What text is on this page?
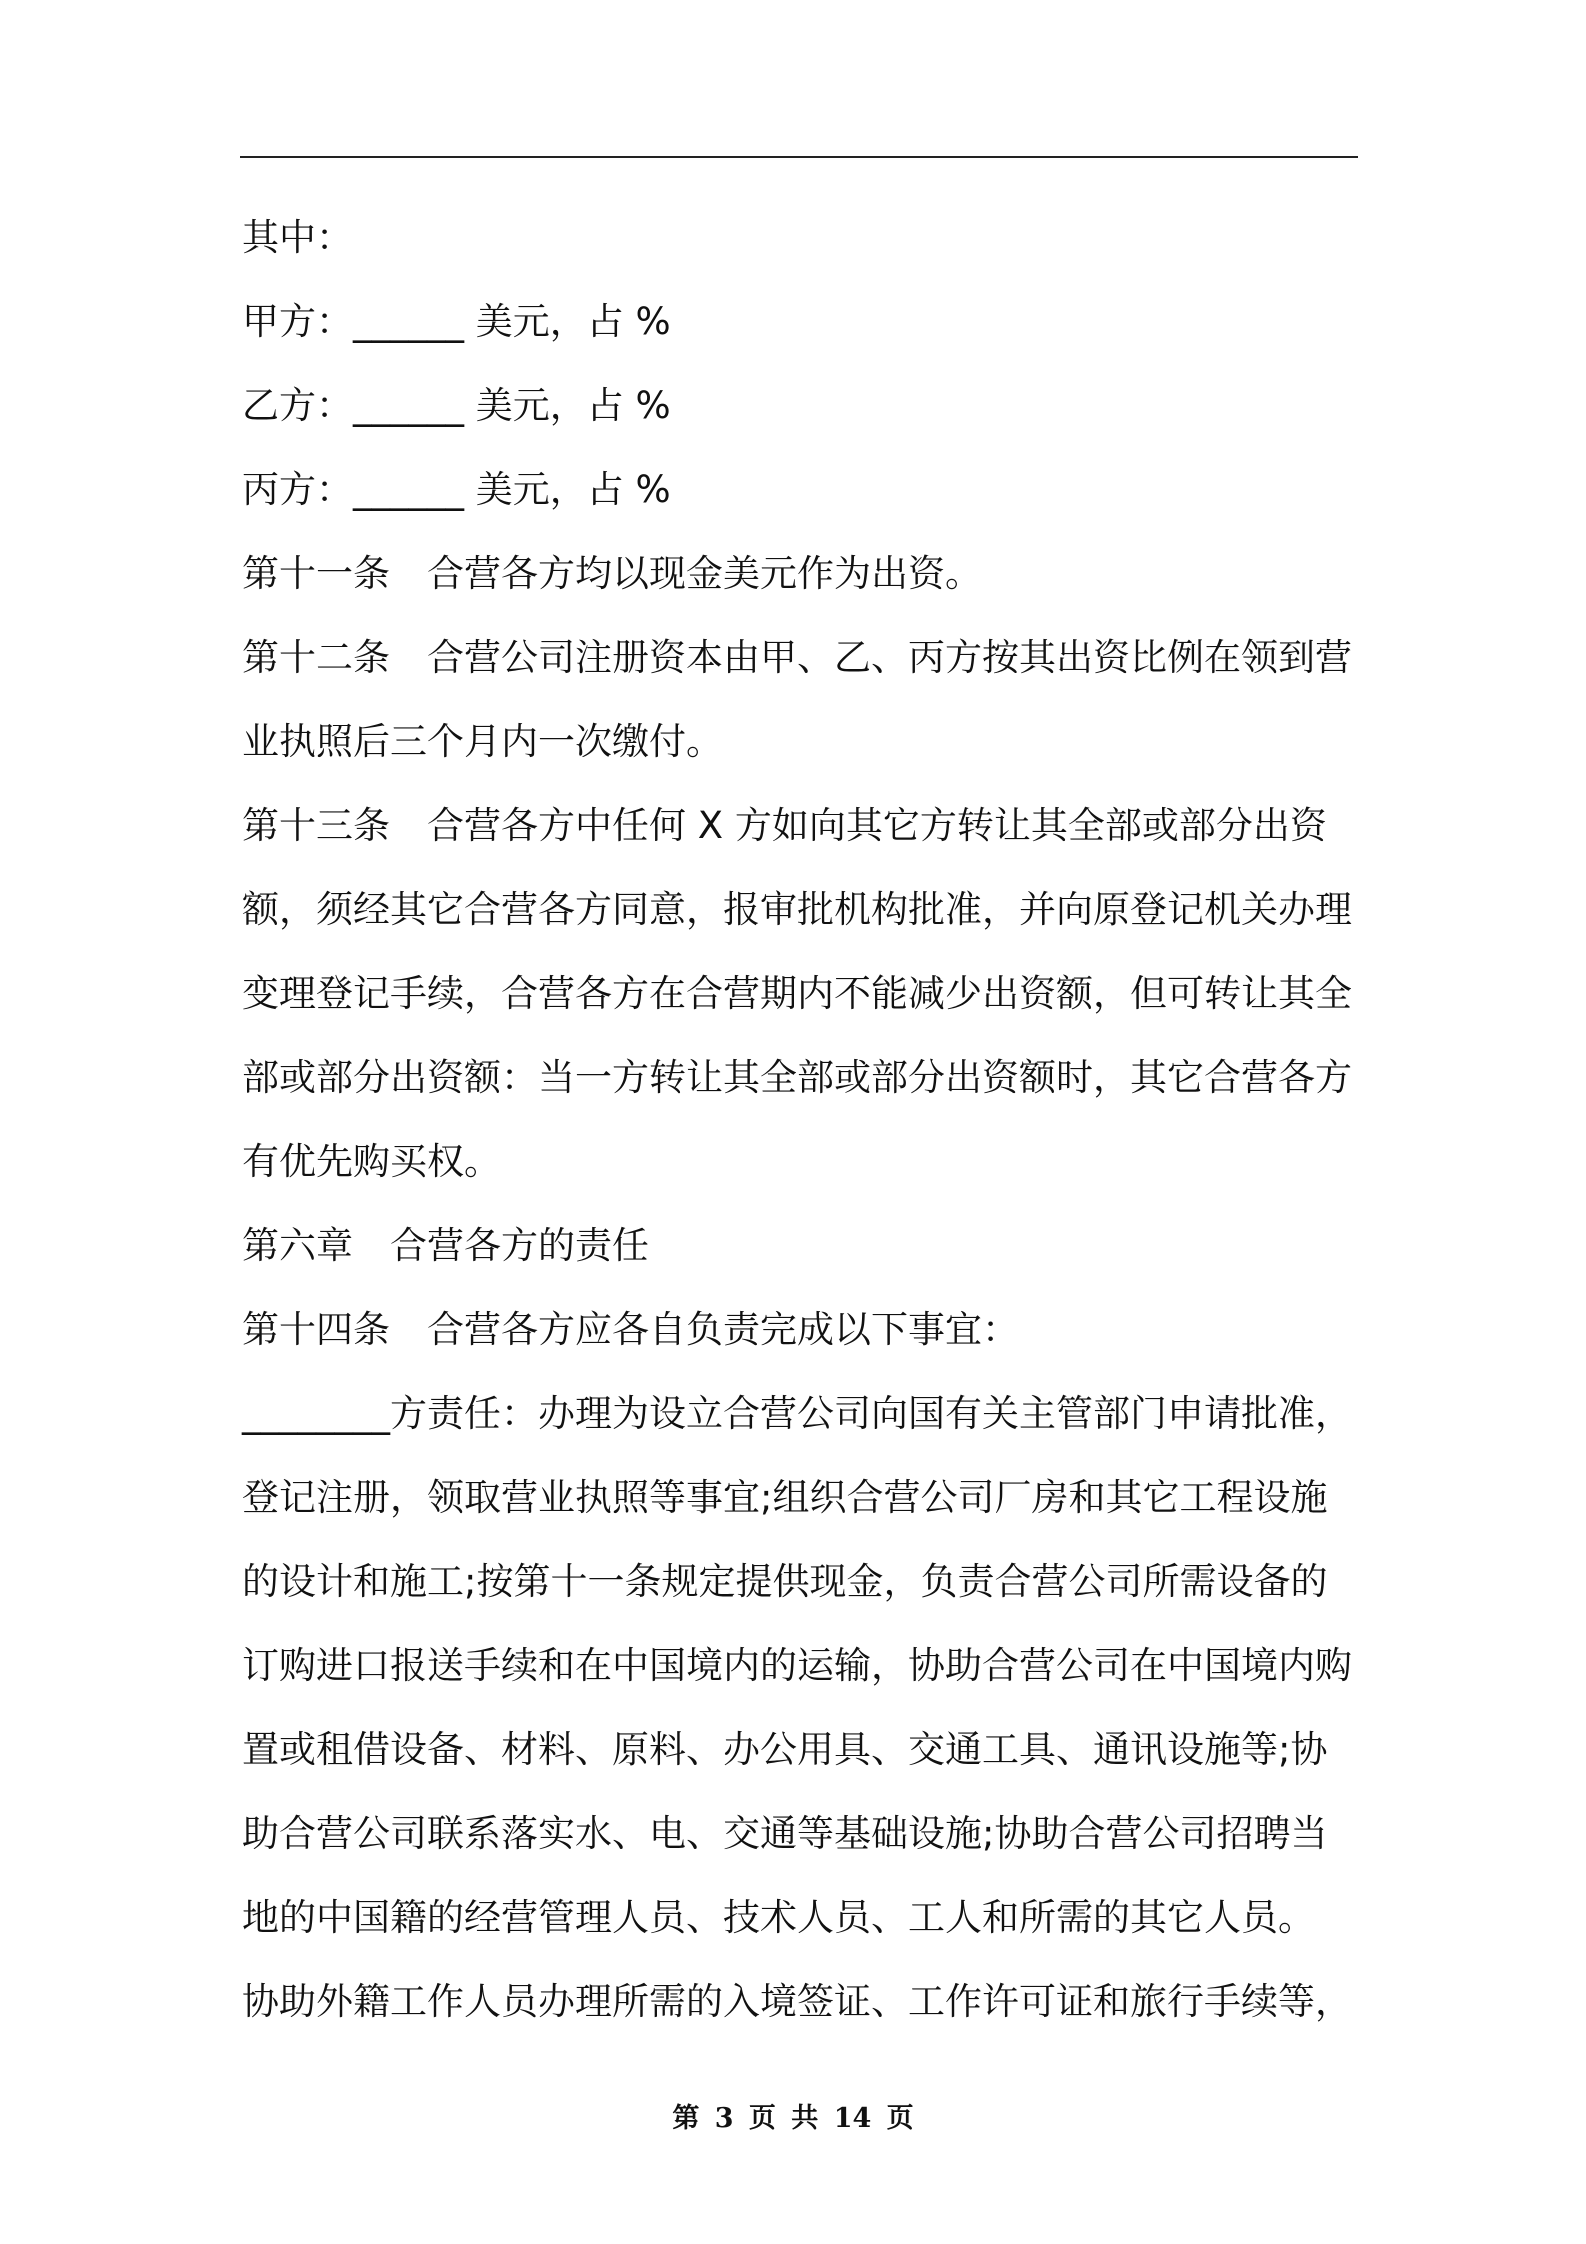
其中：
甲方：______ 美元，占 %
乙方：______ 美元，占 %
丙方：______ 美元，占 %
第十一条　合营各方均以现金美元作为出资。
第十二条　合营公司注册资本由甲、乙、丙方按其出资比例在领到营
业执照后三个月内一次缴付。
第十三条　合营各方中任何 X 方如向其它方转让其全部或部分出资
额，须经其它合营各方同意，报审批机构批准，并向原登记机关办理
变理登记手续，合营各方在合营期内不能减少出资额，但可转让其全
部或部分出资额：当一方转让其全部或部分出资额时，其它合营各方
有优先购买权。
第六章　合营各方的责任
第十四条　合营各方应各自负责完成以下事宜：
________方责任：办理为设立合营公司向国有关主管部门申请批准，
登记注册，领取营业执照等事宜;组织合营公司厂房和其它工程设施
的设计和施工;按第十一条规定提供现金，负责合营公司所需设备的
订购进口报送手续和在中国境内的运输，协助合营公司在中国境内购
置或租借设备、材料、原料、办公用具、交通工具、通讯设施等;协
助合营公司联系落实水、电、交通等基础设施;协助合营公司招聘当
地的中国籍的经营管理人员、技术人员、工人和所需的其它人员。
协助外籍工作人员办理所需的入境签证、工作许可证和旅行手续等，
第 3 页 共 14 页
